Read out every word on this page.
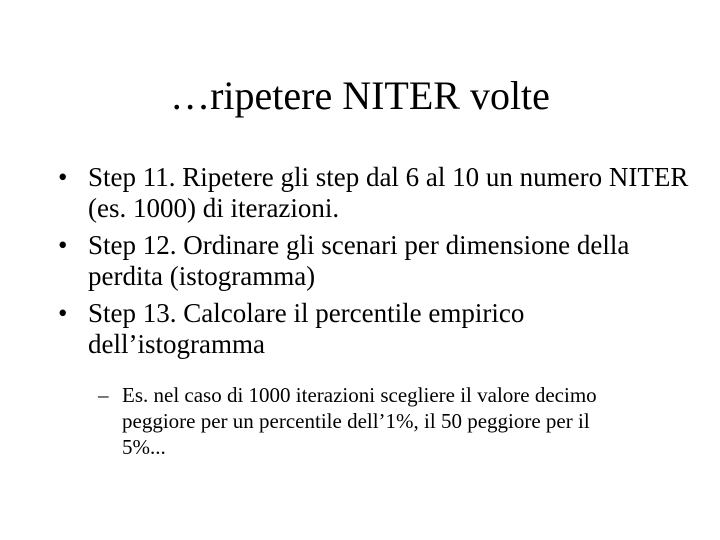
…ripetere NITER volte
• Step 11. Ripetere gli step dal 6 al 10 un numero NITER (es. 1000) di iterazioni.
• Step 12. Ordinare gli scenari per dimensione della perdita (istogramma)
• Step 13. Calcolare il percentile empirico dell’istogramma
– Es. nel caso di 1000 iterazioni scegliere il valore decimo peggiore per un percentile dell’1%, il 50 peggiore per il 5%...
